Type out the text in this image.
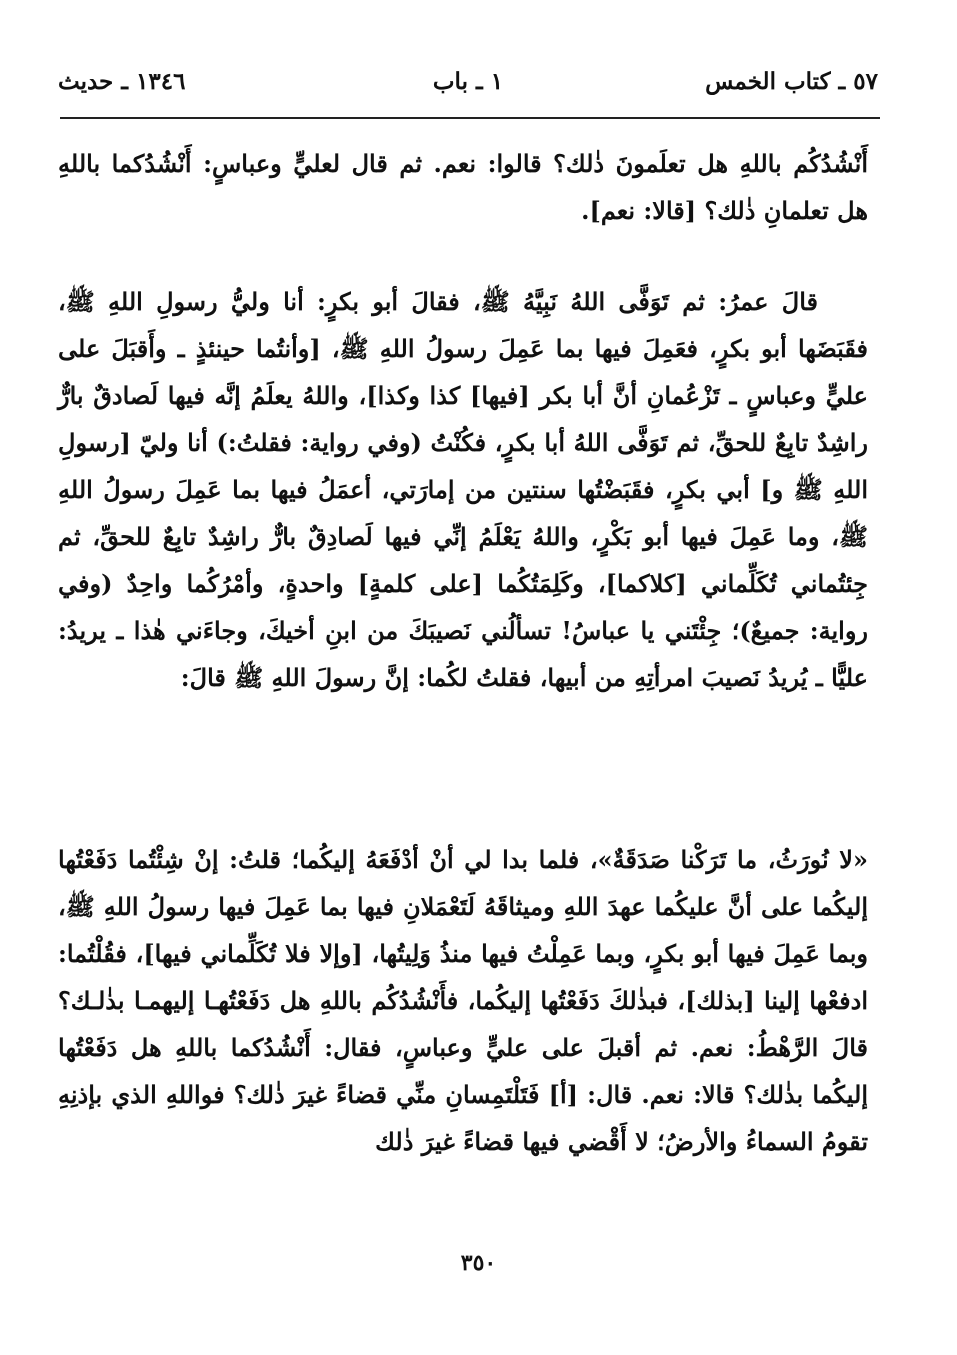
٥٧ ـ كتاب الخمس
١ ـ باب
١٣٤٦ ـ حديث
أَنْشُدُكُم باللهِ هل تعلَمونَ ذٰلك؟ قالوا: نعم. ثم قال لعليٍّ وعباسٍ: أَنْشُدُكما باللهِ هل تعلمانِ ذٰلك؟ [قالا: نعم].
قالَ عمرُ: ثم تَوَفَّى اللهُ نَبِيَّهُ ﷺ، فقالَ أبو بكرٍ: أنا وليُّ رسولِ اللهِ ﷺ، فقَبَضَها أبو بكرٍ، فعَمِلَ فيها بما عَمِلَ رسولُ اللهِ ﷺ، [وأنتُما حينئذٍ ـ وأَقبَلَ على عليٍّ وعباسٍ ـ تَزْعُمانِ أنَّ أبا بكر [فيها] كذا وكذا]، واللهُ يعلَمُ إنَّه فيها لَصادقٌ بارٌّ راشِدٌ تابِعٌ للحقِّ، ثم تَوَفَّى اللهُ أبا بكرٍ، فكُنْتُ (وفي رواية: فقلتُ:) أنا وليّ [رسولِ اللهِ ﷺ و] أبي بكرٍ، فقَبَضْتُها سنتين من إمارَتي، أعمَلُ فيها بما عَمِلَ رسولُ اللهِ ﷺ، وما عَمِلَ فيها أبو بَكْرٍ، واللهُ يَعْلَمُ إنِّي فيها لَصادِقٌ بارٌّ راشِدٌ تابِعٌ للحقِّ، ثم جِئتُماني تُكَلِّماني [كلاكما]، وكَلِمَتُكُما [على كلمةٍ] واحدةٍ، وأمْرُكُما واحِدٌ (وفي رواية: جميعٌ)؛ جِئْتَني يا عباسُ! تسألُني نَصيبَكَ من ابنِ أخيكَ، وجاءَني هٰذا ـ يريدُ: عليًّا ـ يُريدُ نَصيبَ امرأتِهِ من أبيها، فقلتُ لكُما: إنَّ رسولَ اللهِ ﷺ قالَ:
«لا نُورَثُ، ما تَرَكْنا صَدَقَةٌ»، فلما بدا لي أنْ أدْفَعَهُ إليكُما؛ قلتُ: إنْ شِئْتُما دَفَعْتُها إليكُما على أنَّ عليكُما عهدَ اللهِ وميثاقَهُ لَتَعْمَلانِ فيها بما عَمِلَ فيها رسولُ اللهِ ﷺ، وبما عَمِلَ فيها أبو بكرٍ، وبما عَمِلْتُ فيها منذُ وَلِيتُها، [وإلا فلا تُكَلِّماني فيها]، فقُلْتُما: ادفعْها إلينا [بذلك]، فبذٰلكَ دَفَعْتُها إليكُما، فأَنْشُدُكُم باللهِ هل دَفَعْتُهـا إليهمـا بذٰلـك؟ قالَ الرَّهْطُ: نعم. ثم أقبلَ على عليٍّ وعباسٍ، فقال: أَنْشُدُكما باللهِ هل دَفَعْتُها إليكُما بذٰلك؟ قالا: نعم. قال: [أ] فَتَلْتَمِسانِ منِّي قضاءً غيرَ ذٰلك؟ فواللهِ الذي بإذنِهِ تقومُ السماءُ والأرضُ؛ لا أَقْضي فيها قضاءً غيرَ ذٰلك
٣٥٠
